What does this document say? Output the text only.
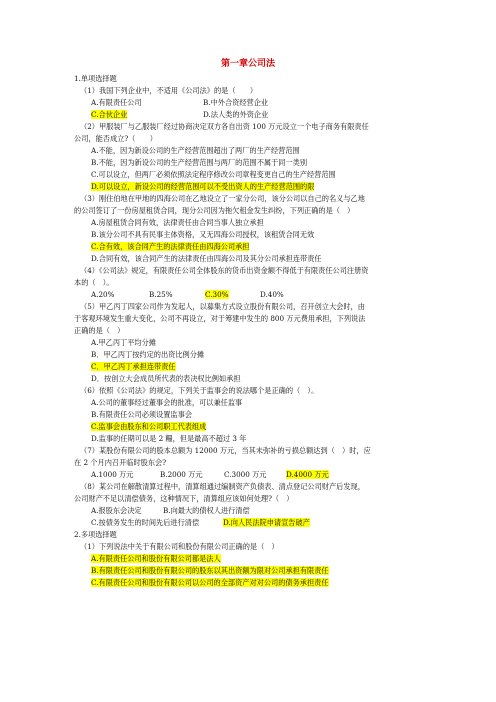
第一章公司法
1.单项选择题
（1）我国下列企业中，不适用《公司法》的是（　　）
A.有限责任公司	B.中外合资经营企业
C.合伙企业	D.法人类的外资企业
（2）甲服装厂与乙服装厂经过协商决定双方各自出资 100 万元设立一个电子商务有限责任
公司，能否成立?（　　）
A.不能，因为新设公司的生产经营范围超出了两厂的生产经营范围
B.不能，因为新设公司的生产经营范围与两厂的范围不属于同一类别
C.可以设立，但两厂必须依照法定程序修改公司章程变更自己的生产经营范围
D.可以设立，新设公司的经营范围可以不受出资人的生产经营范围的限
（3）刚住伯地在甲地的四海公司在乙地设立了一家分公司，该分公司以自己的名义与乙地
的公司签订了一份房屋租赁合同，现分公司因为拖欠租金发生纠纷，下列正确的是（　）
A.房屋租赁合同有效，法律责任由合同当事人独立承担
B.该分公司不具有民事主体资格，又无四海公司授权，该租赁合同无效
C.合有效，该合同产生的法律责任由四海公司承担
D.合同有效，该合同产生的法律责任由四海公司及其分公司承担连带责任
（4）《公司法》规定，有限责任公司全体股东的货币出资金额不得低于有限责任公司注册资
本的（　）。
A.20%	B.25%	C.30%	D.40%
（5）甲乙丙丁四家公司作为发起人，以募集方式设立股份有限公司，召开创立大会时，由
于客观环境发生重大变化，公司不再设立，对于筹建中发生的 800 万元费用承担，下列说法
正确的是（　）
A.甲乙丙丁平均分摊
B．甲乙丙丁按约定的出资比例分摊
C．甲乙丙丁承担连带责任
D．按创立大会成员所代表的表决权比例如承担
（6）依照《公司法》的规定，下列关于监事会的说法哪个是正确的（　）。
A.公司的董事经过董事会的批准，可以兼任监事
B.有限责任公司必须设置监事会
C.监事会由股东和公司职工代表组成
D.监事的任期可以是 2 糧，但是最高不超过 3 年
（7）某股份有限公司的股本总额为 12000 万元，当其未弥补的亏损总额达到（　）时，应
在 2 个月内召开临时股东会?
A.1000 万元	B.2000 万元	C.3000 万元	D.4000 万元
（8）某公司在解散清算过程中，清算组通过编制资产负债表、清点登记公司财产后发现，
公司财产不足以清偿债务，这种情况下，清算组应该如何处理?（　）
A.报股东会决定	B.向最大的债权人进行清偿
C.按债务发生的时间先后进行清偿	D.向人民法院申请宣告破产
2.多项选择题
（1）下列说法中关于有限公司和股份有限公司正确的是（　）
A.有限责任公司和股份有限公司都是法人
B.有限责任公司和股份有限公司的股东以其出资额为限对公司承担有限责任
C.有限责任公司和股份有限公司以公司的全部资产对对公司的债务承担责任
